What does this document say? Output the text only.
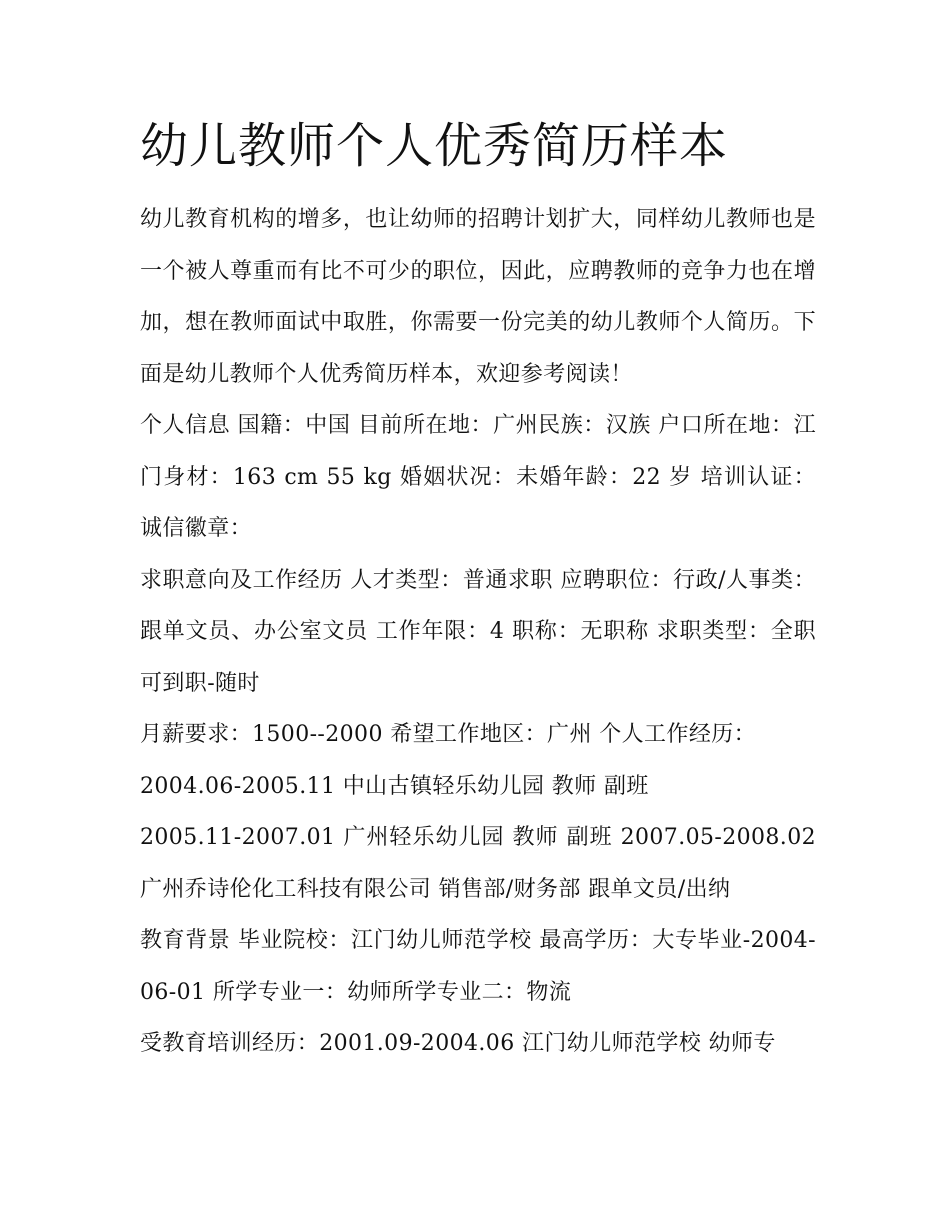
幼儿教师个人优秀简历样本

幼儿教育机构的增多，也让幼师的招聘计划扩大，同样幼儿教师也是一个被人尊重而有比不可少的职位，因此，应聘教师的竞争力也在增加，想在教师面试中取胜，你需要一份完美的幼儿教师个人简历。下面是幼儿教师个人优秀简历样本，欢迎参考阅读！

个人信息 国籍：中国 目前所在地：广州民族：汉族 户口所在地：江门身材：163 cm 55 kg 婚姻状况：未婚年龄：22 岁 培训认证： 诚信徽章：

求职意向及工作经历 人才类型：普通求职 应聘职位：行政/人事类：跟单文员、办公室文员 工作年限：4 职称：无职称 求职类型：全职可到职-随时

月薪要求：1500--2000 希望工作地区：广州 个人工作经历：

2004.06-2005.11 中山古镇轻乐幼儿园 教师 副班

2005.11-2007.01 广州轻乐幼儿园 教师 副班 2007.05-2008.02 广州乔诗伦化工科技有限公司 销售部/财务部 跟单文员/出纳

教育背景 毕业院校：江门幼儿师范学校 最高学历：大专毕业-2004-06-01 所学专业一：幼师所学专业二：物流

受教育培训经历：2001.09-2004.06 江门幼儿师范学校 幼师专
